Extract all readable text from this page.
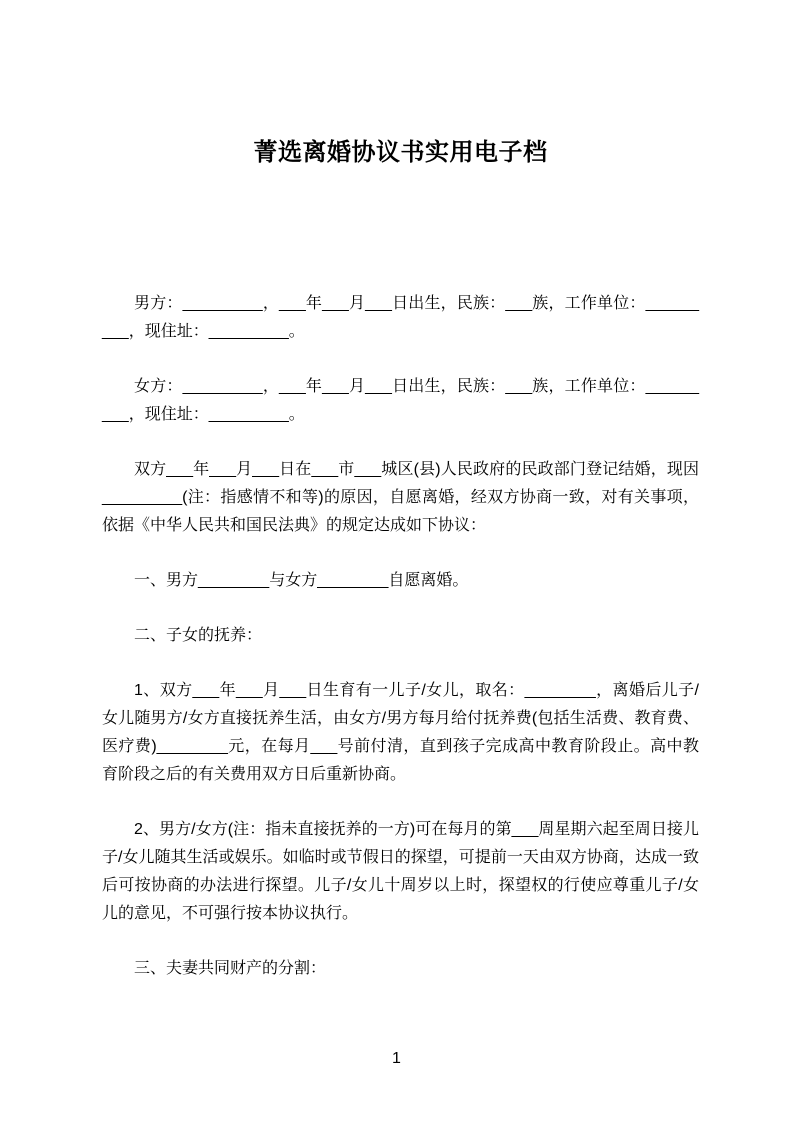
菁选离婚协议书实用电子档

男方：_________，___年___月___日出生，民族：___族，工作单位：_________，现住址：_________。

女方：_________，___年___月___日出生，民族：___族，工作单位：_________，现住址：_________。

双方___年___月___日在___市___城区(县)人民政府的民政部门登记结婚，现因_________(注：指感情不和等)的原因，自愿离婚，经双方协商一致，对有关事项，依据《中华人民共和国民法典》的规定达成如下协议：

一、男方________与女方________自愿离婚。

二、子女的抚养：

1、双方___年___月___日生育有一儿子/女儿，取名：________，离婚后儿子/女儿随男方/女方直接抚养生活，由女方/男方每月给付抚养费(包括生活费、教育费、医疗费)________元，在每月___号前付清，直到孩子完成高中教育阶段止。高中教育阶段之后的有关费用双方日后重新协商。

2、男方/女方(注：指未直接抚养的一方)可在每月的第___周星期六起至周日接儿子/女儿随其生活或娱乐。如临时或节假日的探望，可提前一天由双方协商，达成一致后可按协商的办法进行探望。儿子/女儿十周岁以上时，探望权的行使应尊重儿子/女儿的意见，不可强行按本协议执行。

三、夫妻共同财产的分割：

1
